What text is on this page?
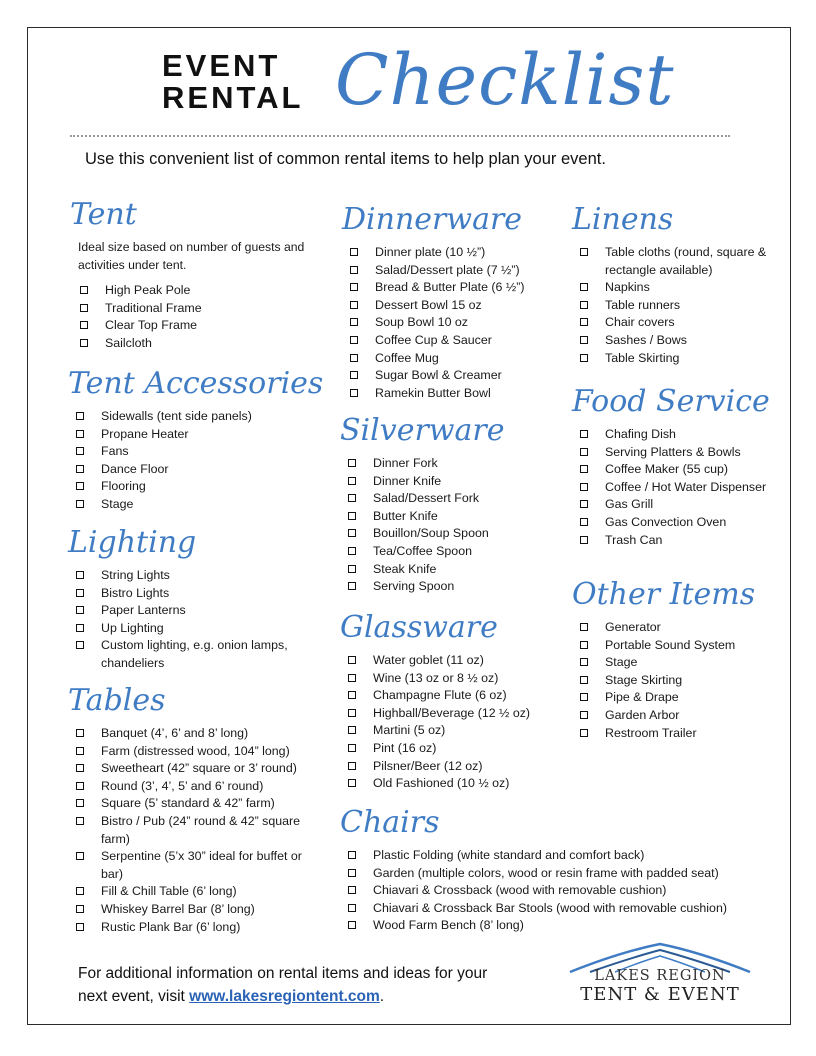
EVENT
RENTAL Checklist
Use this convenient list of common rental items to help plan your event.
Tent
Ideal size based on number of guests and activities under tent.
High Peak Pole
Traditional Frame
Clear Top Frame
Sailcloth
Tent Accessories
Sidewalls (tent side panels)
Propane Heater
Fans
Dance Floor
Flooring
Stage
Lighting
String Lights
Bistro Lights
Paper Lanterns
Up Lighting
Custom lighting, e.g. onion lamps, chandeliers
Tables
Banquet (4’, 6’ and 8’ long)
Farm (distressed wood, 104” long)
Sweetheart (42” square or 3’ round)
Round (3’, 4’, 5’ and 6’ round)
Square (5’ standard & 42” farm)
Bistro / Pub (24” round & 42” square farm)
Serpentine (5’x 30” ideal for buffet or bar)
Fill & Chill Table (6’ long)
Whiskey Barrel Bar (8’ long)
Rustic Plank Bar (6’ long)
Dinnerware
Dinner plate (10 ½”)
Salad/Dessert plate (7 ½”)
Bread & Butter Plate (6 ½”)
Dessert Bowl 15 oz
Soup Bowl 10 oz
Coffee Cup & Saucer
Coffee Mug
Sugar Bowl & Creamer
Ramekin Butter Bowl
Silverware
Dinner Fork
Dinner Knife
Salad/Dessert Fork
Butter Knife
Bouillon/Soup Spoon
Tea/Coffee Spoon
Steak Knife
Serving Spoon
Glassware
Water goblet (11 oz)
Wine (13 oz or 8 ½ oz)
Champagne Flute (6 oz)
Highball/Beverage (12 ½ oz)
Martini (5 oz)
Pint (16 oz)
Pilsner/Beer (12 oz)
Old Fashioned (10 ½ oz)
Chairs
Plastic Folding (white standard and comfort back)
Garden (multiple colors, wood or resin frame with padded seat)
Chiavari & Crossback (wood with removable cushion)
Chiavari & Crossback Bar Stools (wood with removable cushion)
Wood Farm Bench (8’ long)
Linens
Table cloths (round, square & rectangle available)
Napkins
Table runners
Chair covers
Sashes / Bows
Table Skirting
Food Service
Chafing Dish
Serving Platters & Bowls
Coffee Maker (55 cup)
Coffee / Hot Water Dispenser
Gas Grill
Gas Convection Oven
Trash Can
Other Items
Generator
Portable Sound System
Stage
Stage Skirting
Pipe & Drape
Garden Arbor
Restroom Trailer
For additional information on rental items and ideas for your
next event, visit www.lakesregiontent.com.
LAKES REGION
TENT & EVENT
